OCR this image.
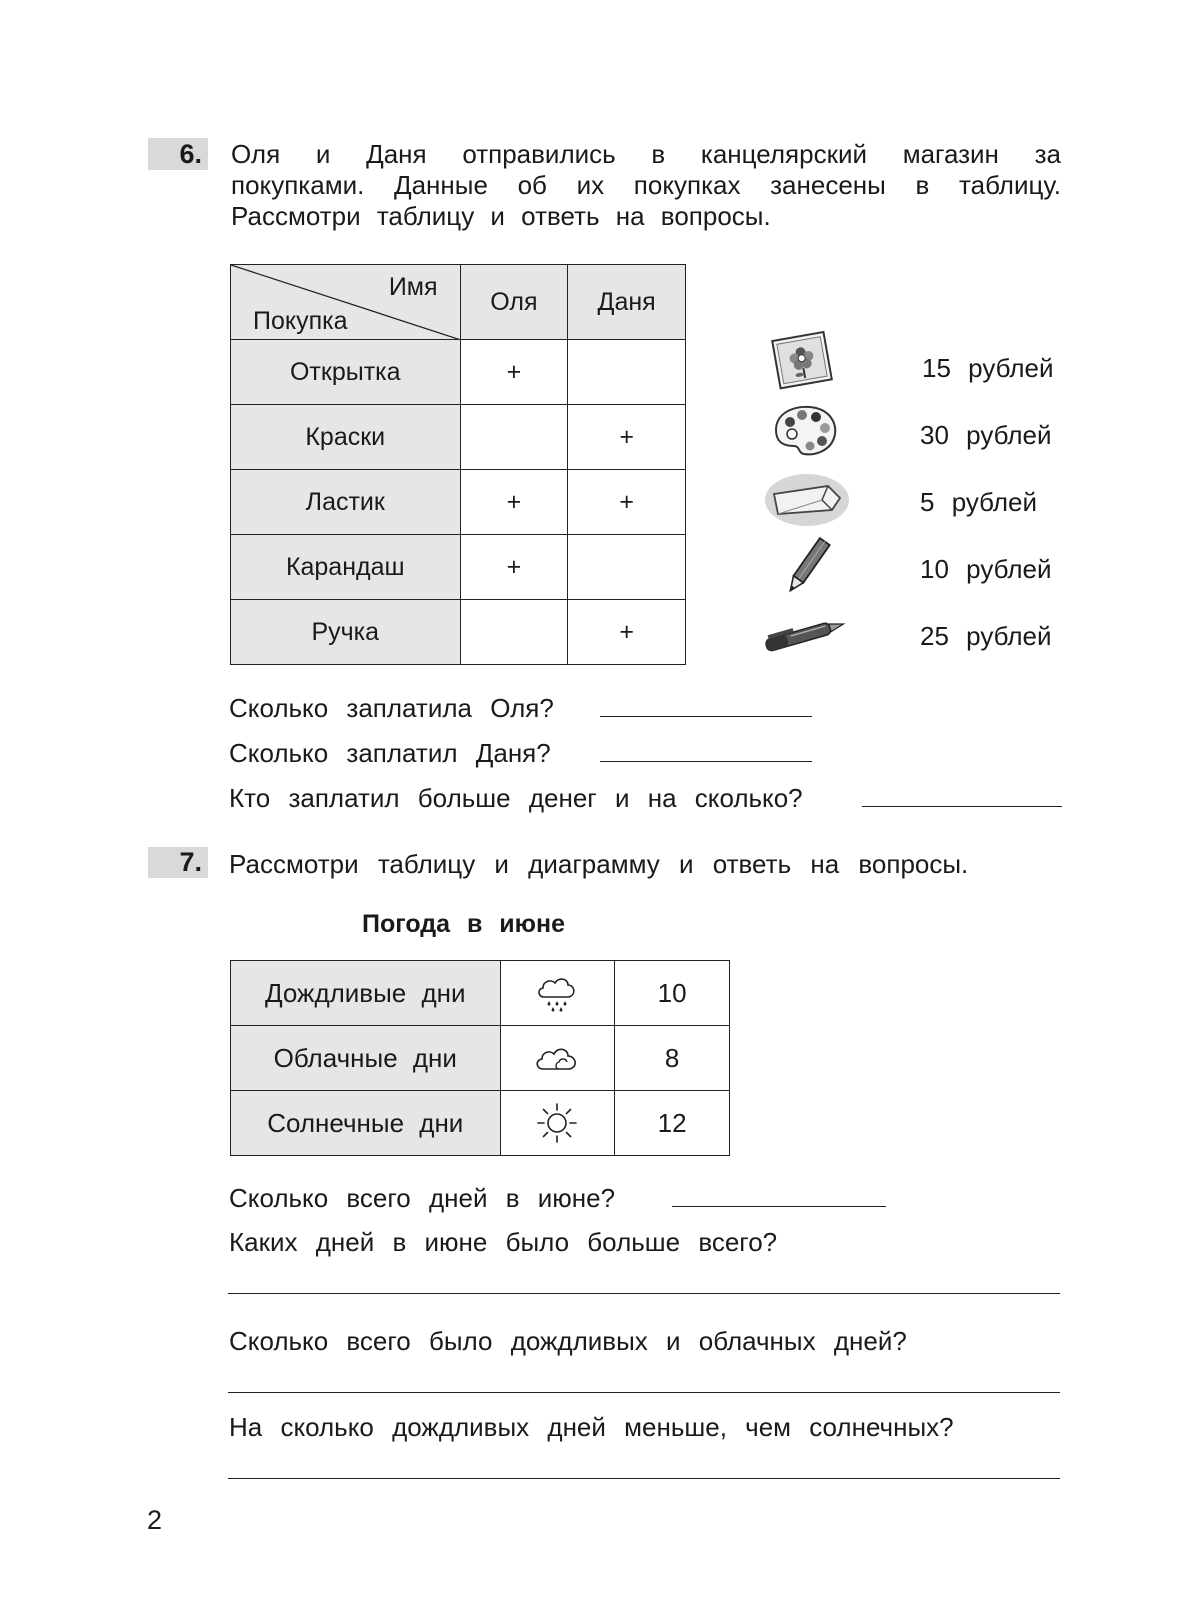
6. Оля и Даня отправились в канцелярский магазин за
покупками. Данные об их покупках занесены в таблицу.
Рассмотри таблицу и ответь на вопросы.
Имя
Покупка	Оля	Даня
Открытка	+	
Краски		+
Ластик	+	+
Карандаш	+	
Ручка		+
15 рублей
30 рублей
5 рублей
10 рублей
25 рублей
Сколько заплатила Оля?
Сколько заплатил Даня?
Кто заплатил больше денег и на сколько?
7. Рассмотри таблицу и диаграмму и ответь на вопросы.
Погода в июне
Дождливые дни		10
Облачные дни		8
Солнечные дни		12
Сколько всего дней в июне?
Каких дней в июне было больше всего?
Сколько всего было дождливых и облачных дней?
На сколько дождливых дней меньше, чем солнечных?
2
